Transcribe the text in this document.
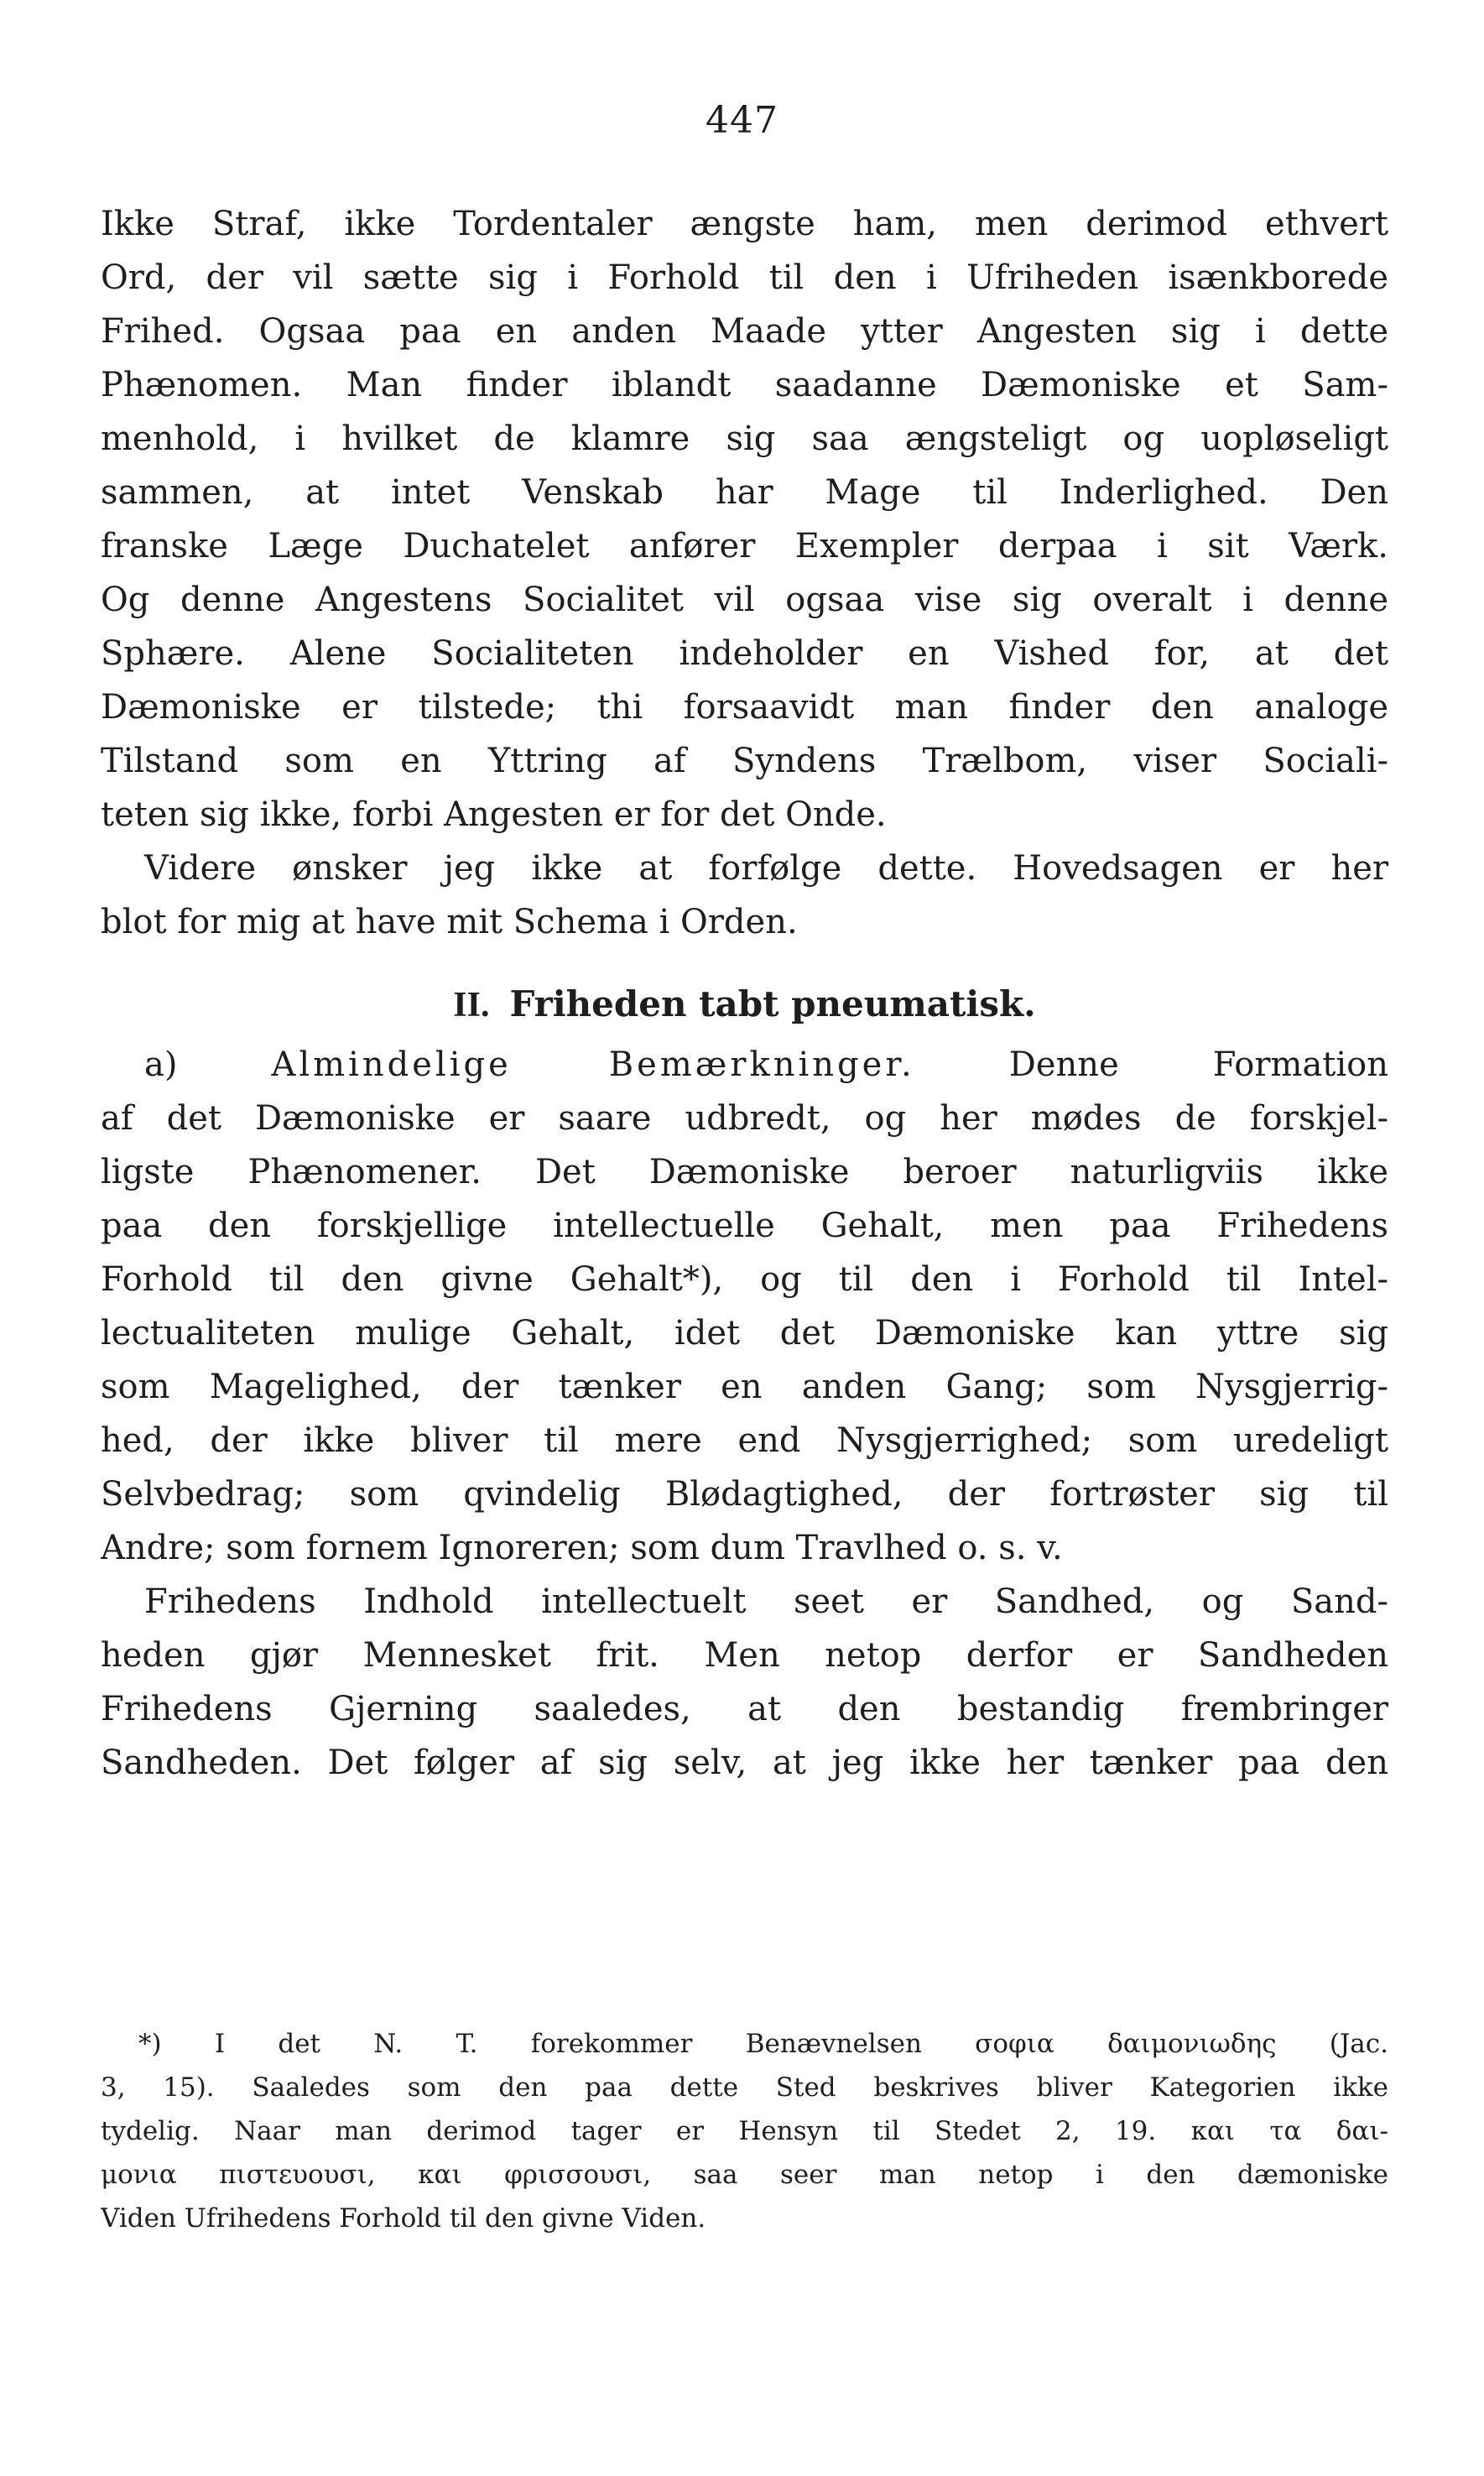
447
Ikke Straf, ikke Tordentaler ængste ham, men derimod ethvert
Ord, der vil sætte sig i Forhold til den i Ufriheden isænkborede
Frihed. Ogsaa paa en anden Maade ytter Angesten sig i dette
Phænomen. Man finder iblandt saadanne Dæmoniske et Sam-
menhold, i hvilket de klamre sig saa ængsteligt og uopløseligt
sammen, at intet Venskab har Mage til Inderlighed. Den
franske Læge Duchatelet anfører Exempler derpaa i sit Værk.
Og denne Angestens Socialitet vil ogsaa vise sig overalt i denne
Sphære. Alene Socialiteten indeholder en Vished for, at det
Dæmoniske er tilstede; thi forsaavidt man finder den analoge
Tilstand som en Yttring af Syndens Trælbom, viser Sociali-
teten sig ikke, forbi Angesten er for det Onde.
Videre ønsker jeg ikke at forfølge dette. Hovedsagen er her
blot for mig at have mit Schema i Orden.
II. Friheden tabt pneumatisk.
a)	Almindelige Bemærkninger.	Denne Formation
af det Dæmoniske er saare udbredt, og her mødes de forskjel-
ligste Phænomener. Det Dæmoniske beroer naturligviis ikke
paa den forskjellige intellectuelle Gehalt, men paa Frihedens
Forhold til den givne Gehalt*), og til den i Forhold til Intel-
lectualiteten mulige Gehalt, idet det Dæmoniske kan yttre sig
som Magelighed, der tænker en anden Gang; som Nysgjerrig-
hed, der ikke bliver til mere end Nysgjerrighed; som uredeligt
Selvbedrag; som qvindelig Blødagtighed, der fortrøster sig til
Andre; som fornem Ignoreren; som dum Travlhed o. s. v.
Frihedens Indhold intellectuelt seet er Sandhed, og Sand-
heden gjør Mennesket frit. Men netop derfor er Sandheden
Frihedens Gjerning saaledes, at den bestandig frembringer
Sandheden. Det følger af sig selv, at jeg ikke her tænker paa den
*) I det N. T. forekommer Benævnelsen σοφια δαιμονιωδης (Jac.
3, 15). Saaledes som den paa dette Sted beskrives bliver Kategorien ikke
tydelig. Naar man derimod tager er Hensyn til Stedet 2, 19. και τα δαι-
μονια πιστευουσι, και φρισσουσι, saa seer man netop i den dæmoniske
Viden Ufrihedens Forhold til den givne Viden.
